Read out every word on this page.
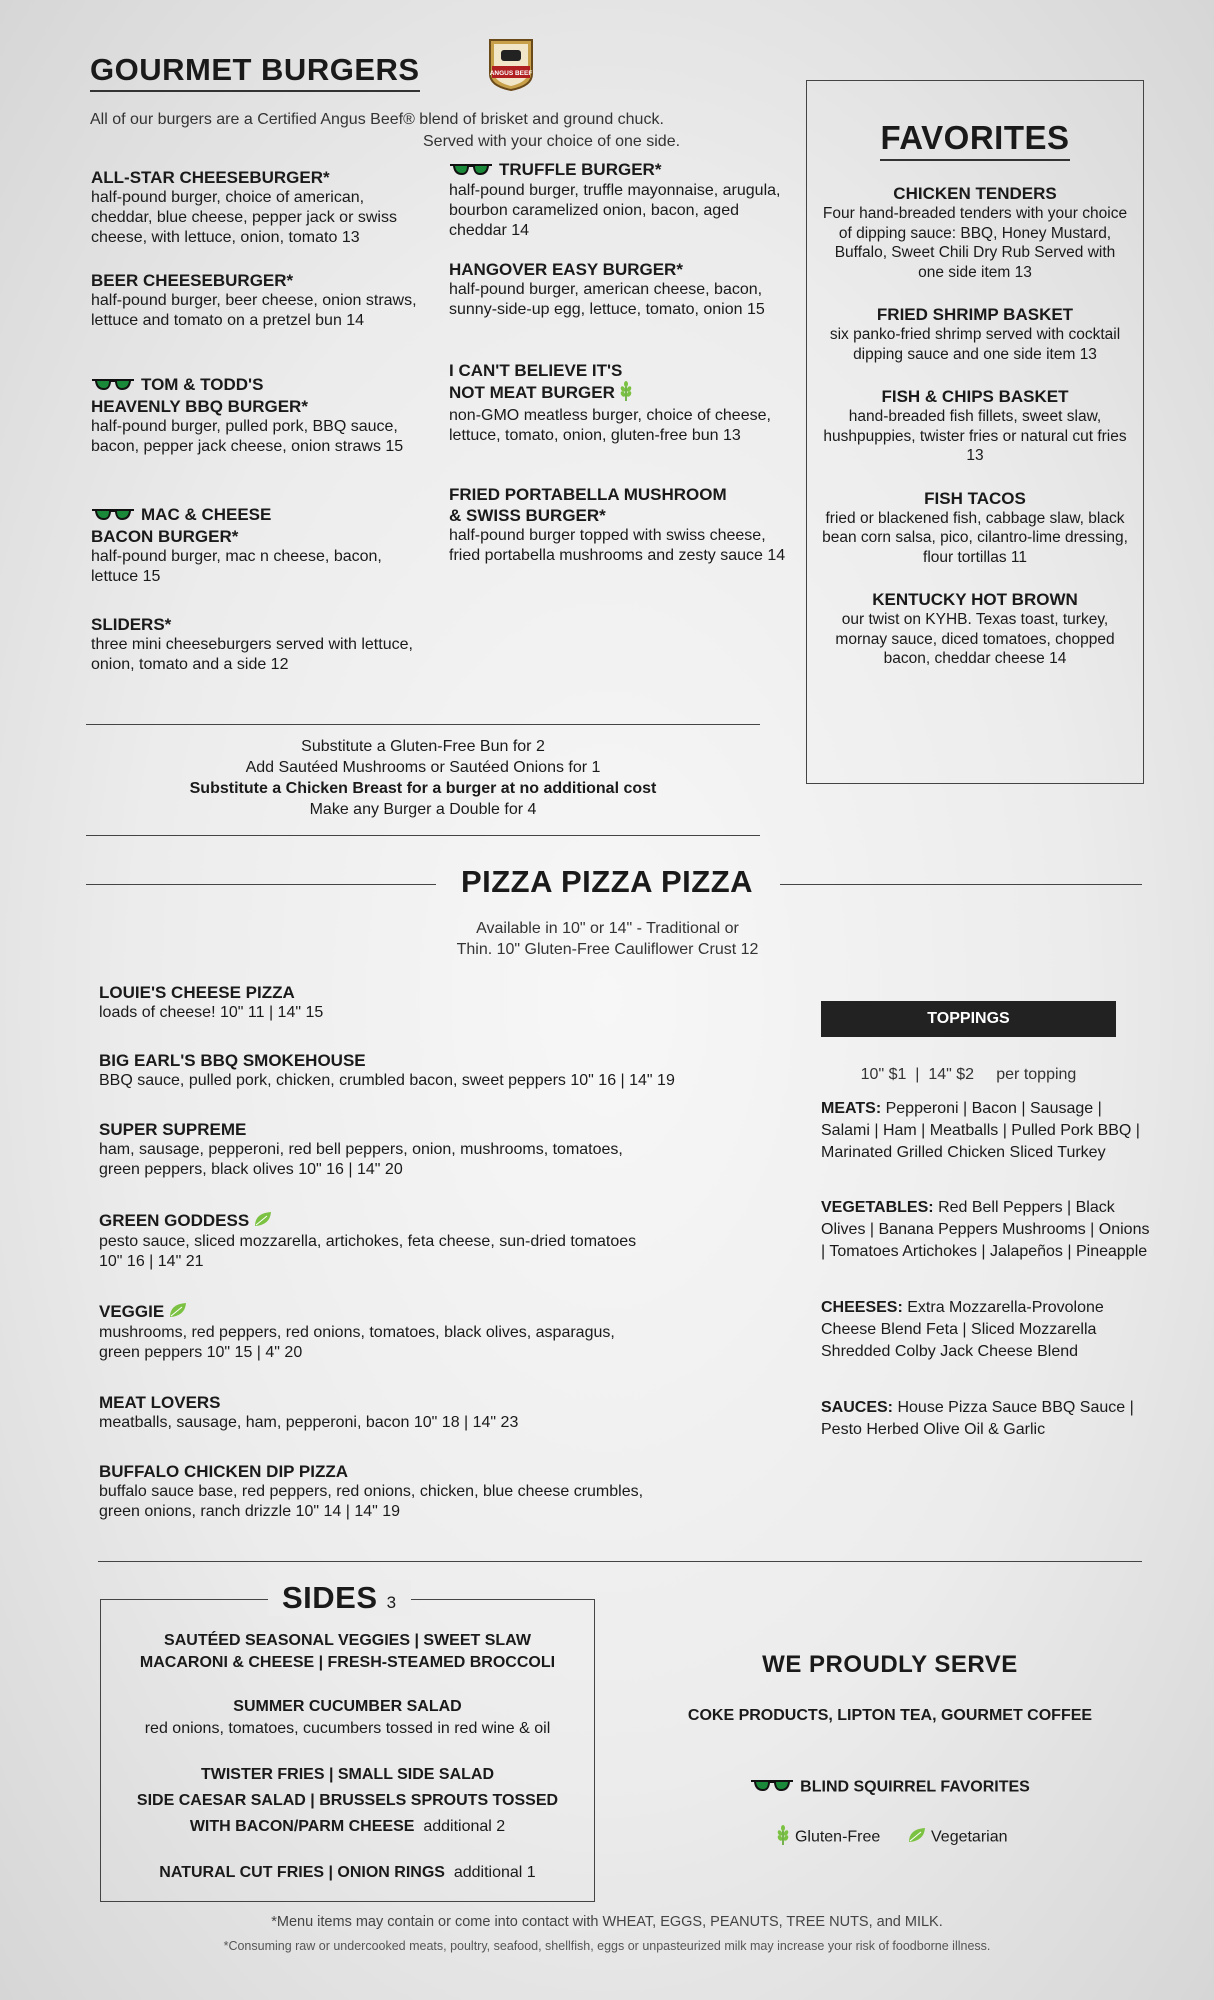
GOURMET BURGERS	ANGUS BEEF
All of our burgers are a Certified Angus Beef® blend of brisket and ground chuck.
Served with your choice of one side.
ALL-STAR CHEESEBURGER*
half-pound burger, choice of american, cheddar, blue cheese, pepper jack or swiss cheese, with lettuce, onion, tomato 13
BEER CHEESEBURGER*
half-pound burger, beer cheese, onion straws, lettuce and tomato on a pretzel bun 14
TOM & TODD'S
HEAVENLY BBQ BURGER*
half-pound burger, pulled pork, BBQ sauce, bacon, pepper jack cheese, onion straws 15
MAC & CHEESE
BACON BURGER*
half-pound burger, mac n cheese, bacon, lettuce 15
SLIDERS*
three mini cheeseburgers served with lettuce, onion, tomato and a side 12
TRUFFLE BURGER*
half-pound burger, truffle mayonnaise, arugula, bourbon caramelized onion, bacon, aged cheddar 14
HANGOVER EASY BURGER*
half-pound burger, american cheese, bacon, sunny-side-up egg, lettuce, tomato, onion 15
I CAN'T BELIEVE IT'S
NOT MEAT BURGER
non-GMO meatless burger, choice of cheese, lettuce, tomato, onion, gluten-free bun 13
FRIED PORTABELLA MUSHROOM
& SWISS BURGER*
half-pound burger topped with swiss cheese, fried portabella mushrooms and zesty sauce 14
FAVORITES
CHICKEN TENDERS
Four hand-breaded tenders with your choice of dipping sauce: BBQ, Honey Mustard, Buffalo, Sweet Chili Dry Rub Served with one side item 13
FRIED SHRIMP BASKET
six panko-fried shrimp served with cocktail dipping sauce and one side item 13
FISH & CHIPS BASKET
hand-breaded fish fillets, sweet slaw, hushpuppies, twister fries or natural cut fries 13
FISH TACOS
fried or blackened fish, cabbage slaw, black bean corn salsa, pico, cilantro-lime dressing, flour tortillas 11
KENTUCKY HOT BROWN
our twist on KYHB. Texas toast, turkey, mornay sauce, diced tomatoes, chopped bacon, cheddar cheese 14
Substitute a Gluten-Free Bun for 2
Add Sautéed Mushrooms or Sautéed Onions for 1
Substitute a Chicken Breast for a burger at no additional cost
Make any Burger a Double for 4
PIZZA PIZZA PIZZA
Available in 10" or 14" - Traditional or
Thin. 10" Gluten-Free Cauliflower Crust 12
LOUIE'S CHEESE PIZZA
loads of cheese! 10" 11 | 14" 15
BIG EARL'S BBQ SMOKEHOUSE
BBQ sauce, pulled pork, chicken, crumbled bacon, sweet peppers 10" 16 | 14" 19
SUPER SUPREME
ham, sausage, pepperoni, red bell peppers, onion, mushrooms, tomatoes, green peppers, black olives 10" 16 | 14" 20
GREEN GODDESS
pesto sauce, sliced mozzarella, artichokes, feta cheese, sun-dried tomatoes 10" 16 | 14" 21
VEGGIE
mushrooms, red peppers, red onions, tomatoes, black olives, asparagus, green peppers 10" 15 | 4" 20
MEAT LOVERS
meatballs, sausage, ham, pepperoni, bacon 10" 18 | 14" 23
BUFFALO CHICKEN DIP PIZZA
buffalo sauce base, red peppers, red onions, chicken, blue cheese crumbles, green onions, ranch drizzle 10" 14 | 14" 19
TOPPINGS
10" $1  |  14" $2     per topping
MEATS: Pepperoni | Bacon | Sausage | Salami | Ham | Meatballs | Pulled Pork BBQ | Marinated Grilled Chicken Sliced Turkey
VEGETABLES: Red Bell Peppers | Black Olives | Banana Peppers Mushrooms | Onions | Tomatoes Artichokes | Jalapeños | Pineapple
CHEESES: Extra Mozzarella-Provolone Cheese Blend Feta | Sliced Mozzarella Shredded Colby Jack Cheese Blend
SAUCES: House Pizza Sauce BBQ Sauce | Pesto Herbed Olive Oil & Garlic
SAUTÉED SEASONAL VEGGIES | SWEET SLAW
MACARONI & CHEESE | FRESH-STEAMED BROCCOLI
SUMMER CUCUMBER SALAD
red onions, tomatoes, cucumbers tossed in red wine & oil
TWISTER FRIES | SMALL SIDE SALAD
SIDE CAESAR SALAD | BRUSSELS SPROUTS TOSSED
WITH BACON/PARM CHEESE additional 2
NATURAL CUT FRIES | ONION RINGS additional 1
SIDES 3
WE PROUDLY SERVE
COKE PRODUCTS, LIPTON TEA, GOURMET COFFEE
BLIND SQUIRREL FAVORITES
Gluten-Free	Vegetarian
*Menu items may contain or come into contact with WHEAT, EGGS, PEANUTS, TREE NUTS, and MILK.
*Consuming raw or undercooked meats, poultry, seafood, shellfish, eggs or unpasteurized milk may increase your risk of foodborne illness.
